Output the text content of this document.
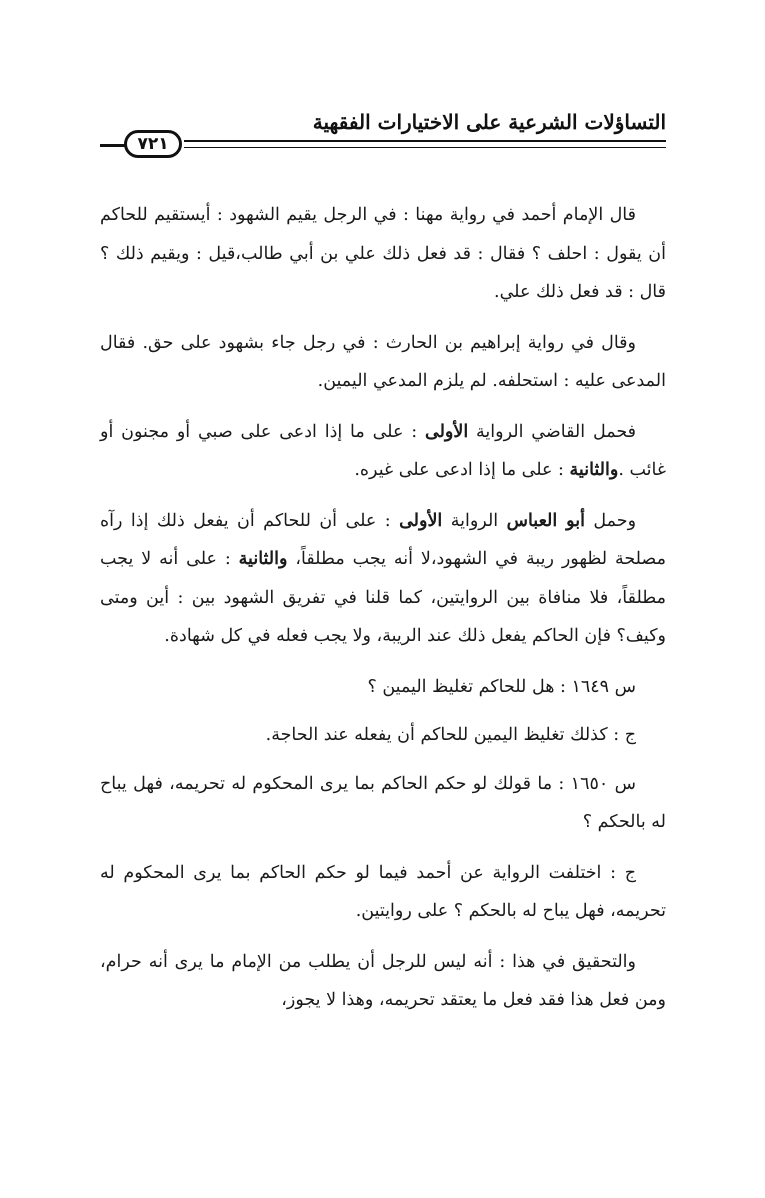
التساؤلات الشرعية على الاختيارات الفقهية
٧٢١

قال الإمام أحمد في رواية مهنا : في الرجل يقيم الشهود : أيستقيم للحاكم أن يقول : احلف ؟ فقال : قد فعل ذلك علي بن أبي طالب،قيل : ويقيم ذلك ؟ قال : قد فعل ذلك علي.

وقال في رواية إبراهيم بن الحارث : في رجل جاء بشهود على حق. فقال المدعى عليه : استحلفه. لم يلزم المدعي اليمين.

فحمل القاضي الرواية الأولى : على ما إذا ادعى على صبي أو مجنون أو غائب .والثانية : على ما إذا ادعى على غيره.

وحمل أبو العباس الرواية الأولى : على أن للحاكم أن يفعل ذلك إذا رآه مصلحة لظهور ريبة في الشهود،لا أنه يجب مطلقاً، والثانية : على أنه لا يجب مطلقاً، فلا منافاة بين الروايتين، كما قلنا في تفريق الشهود بين : أين ومتى وكيف؟ فإن الحاكم يفعل ذلك عند الريبة، ولا يجب فعله في كل شهادة.

س ١٦٤٩ : هل للحاكم تغليظ اليمين ؟

ج : كذلك تغليظ اليمين للحاكم أن يفعله عند الحاجة.

س ١٦٥٠ : ما قولك لو حكم الحاكم بما يرى المحكوم له تحريمه، فهل يباح له بالحكم ؟

ج : اختلفت الرواية عن أحمد فيما لو حكم الحاكم بما يرى المحكوم له تحريمه، فهل يباح له بالحكم ؟ على روايتين.

والتحقيق في هذا : أنه ليس للرجل أن يطلب من الإمام ما يرى أنه حرام، ومن فعل هذا فقد فعل ما يعتقد تحريمه، وهذا لا يجوز،
